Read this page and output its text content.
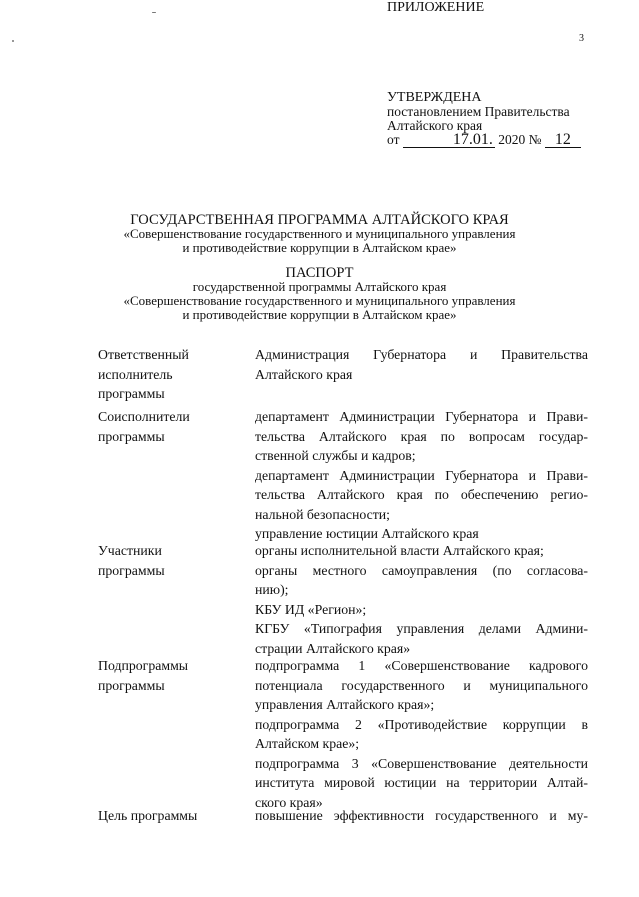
3
ПРИЛОЖЕНИЕ
УТВЕРЖДЕНА
постановлением Правительства
Алтайского края
от	17.01. 2020 № 12
ГОСУДАРСТВЕННАЯ ПРОГРАММА АЛТАЙСКОГО КРАЯ
«Совершенствование государственного и муниципального управления
и противодействие коррупции в Алтайском крае»
ПАСПОРТ
государственной программы Алтайского края
«Совершенствование государственного и муниципального управления
и противодействие коррупции в Алтайском крае»
Ответственный
исполнитель
программы
Администрация Губернатора и Правительства
Алтайского края
Соисполнители
программы
департамент Администрации Губернатора и Прави-
тельства Алтайского края по вопросам государ-
ственной службы и кадров;
департамент Администрации Губернатора и Прави-
тельства Алтайского края по обеспечению регио-
нальной безопасности;
управление юстиции Алтайского края
Участники
программы
органы исполнительной власти Алтайского края;
органы местного самоуправления (по согласова-
нию);
КБУ ИД «Регион»;
КГБУ «Типография управления делами Админи-
страции Алтайского края»
Подпрограммы
программы
подпрограмма 1 «Совершенствование кадрового
потенциала государственного и муниципального
управления Алтайского края»;
подпрограмма 2 «Противодействие коррупции в
Алтайском крае»;
подпрограмма 3 «Совершенствование деятельности
института мировой юстиции на территории Алтай-
ского края»
Цель программы	повышение эффективности государственного и му-
